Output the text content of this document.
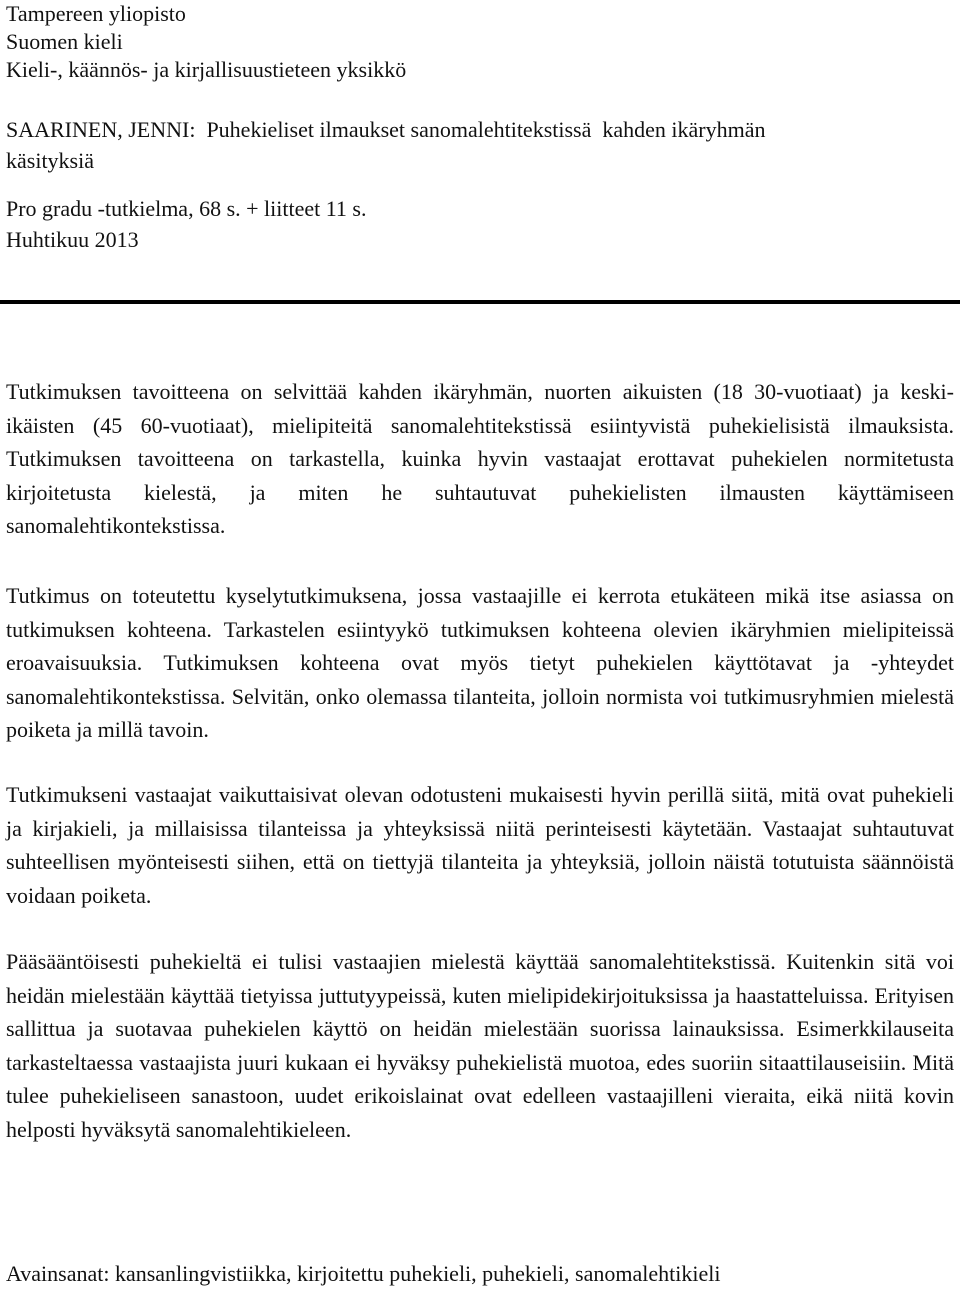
Tampereen yliopisto
Suomen kieli
Kieli-, käännös- ja kirjallisuustieteen yksikkö
SAARINEN, JENNI:  Puhekieliset ilmaukset sanomalehtitekstissä  kahden ikäryhmän
käsityksiä
Pro gradu -tutkielma, 68 s. + liitteet 11 s.
Huhtikuu 2013

Tutkimuksen tavoitteena on selvittää kahden ikäryhmän, nuorten aikuisten (18 30-vuotiaat) ja keski-ikäisten (45 60-vuotiaat), mielipiteitä sanomalehtitekstissä esiintyvistä puhekielisistä ilmauksista. Tutkimuksen tavoitteena on tarkastella, kuinka hyvin vastaajat erottavat puhekielen normitetusta kirjoitetusta kielestä, ja miten he suhtautuvat puhekielisten ilmausten käyttämiseen sanomalehtikontekstissa.

Tutkimus on toteutettu kyselytutkimuksena, jossa vastaajille ei kerrota etukäteen mikä itse asiassa on tutkimuksen kohteena. Tarkastelen esiintyykö tutkimuksen kohteena olevien ikäryhmien mielipiteissä eroavaisuuksia. Tutkimuksen kohteena ovat myös tietyt puhekielen käyttötavat ja -yhteydet sanomalehtikontekstissa. Selvitän, onko olemassa tilanteita, jolloin normista voi tutkimusryhmien mielestä poiketa ja millä tavoin.

Tutkimukseni vastaajat vaikuttaisivat olevan odotusteni mukaisesti hyvin perillä siitä, mitä ovat puhekieli ja kirjakieli, ja millaisissa tilanteissa ja yhteyksissä niitä perinteisesti käytetään. Vastaajat suhtautuvat suhteellisen myönteisesti siihen, että on tiettyjä tilanteita ja yhteyksiä, jolloin näistä totutuista säännöistä voidaan poiketa.

Pääsääntöisesti puhekieltä ei tulisi vastaajien mielestä käyttää sanomalehtitekstissä. Kuitenkin sitä voi heidän mielestään käyttää tietyissa juttutyypeissä, kuten mielipidekirjoituksissa ja haastatteluissa. Erityisen sallittua ja suotavaa puhekielen käyttö on heidän mielestään suorissa lainauksissa. Esimerkkilauseita tarkasteltaessa vastaajista juuri kukaan ei hyväksy puhekielistä muotoa, edes suoriin sitaattilauseisiin. Mitä tulee puhekieliseen sanastoon, uudet erikoislainat ovat edelleen vastaajilleni vieraita, eikä niitä kovin helposti hyväksytä sanomalehtikieleen.

Avainsanat: kansanlingvistiikka, kirjoitettu puhekieli, puhekieli, sanomalehtikieli
